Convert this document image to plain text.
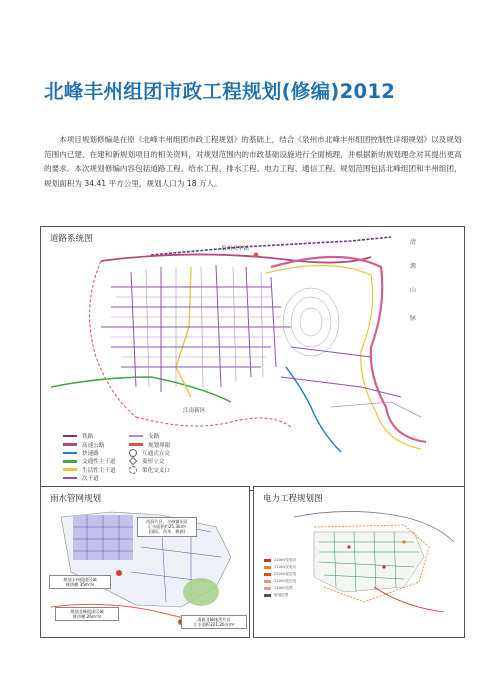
北峰丰州组团市政工程规划(修编)2012
本项目规划修编是在原《北峰丰州组团市政工程规划》的基础上，结合《泉州市北峰丰州组团控制性详细规划》以及规划范围内已建、在建和新规划项目的相关资料，对规划范围内的市政基础设施进行全面梳理，并根据新的规划理念对其提出更高的要求。本次规划修编内容包括道路工程、给水工程、排水工程、电力工程、通信工程。规划范围包括北峰组团和丰州组团，规划面积为 34.41 平方公里，规划人口为 18 万人。
道路系统图
泉州火车站
清
源
山
脉
江南新区
铁路
高速公路
快速路
交通性主干道
生活性主干道
次干道
支路
规划界限
互通式立交
菱形立交
渠化交叉口
雨水管网规划
西涧片区、丰州镇旧区
汇水面积约25.3km²
(国际、西华、桃源)
规划丰州组团区域
排涝模 35m³/s
规划北峰组团区域
排涝模 26m³/s
清源北峰排涝片区
汇水面积221.26万m²
电力工程规划图
220kV变电站
110kV变电站
220kV架空线
110kV架空线
110kV电缆
规划范围
